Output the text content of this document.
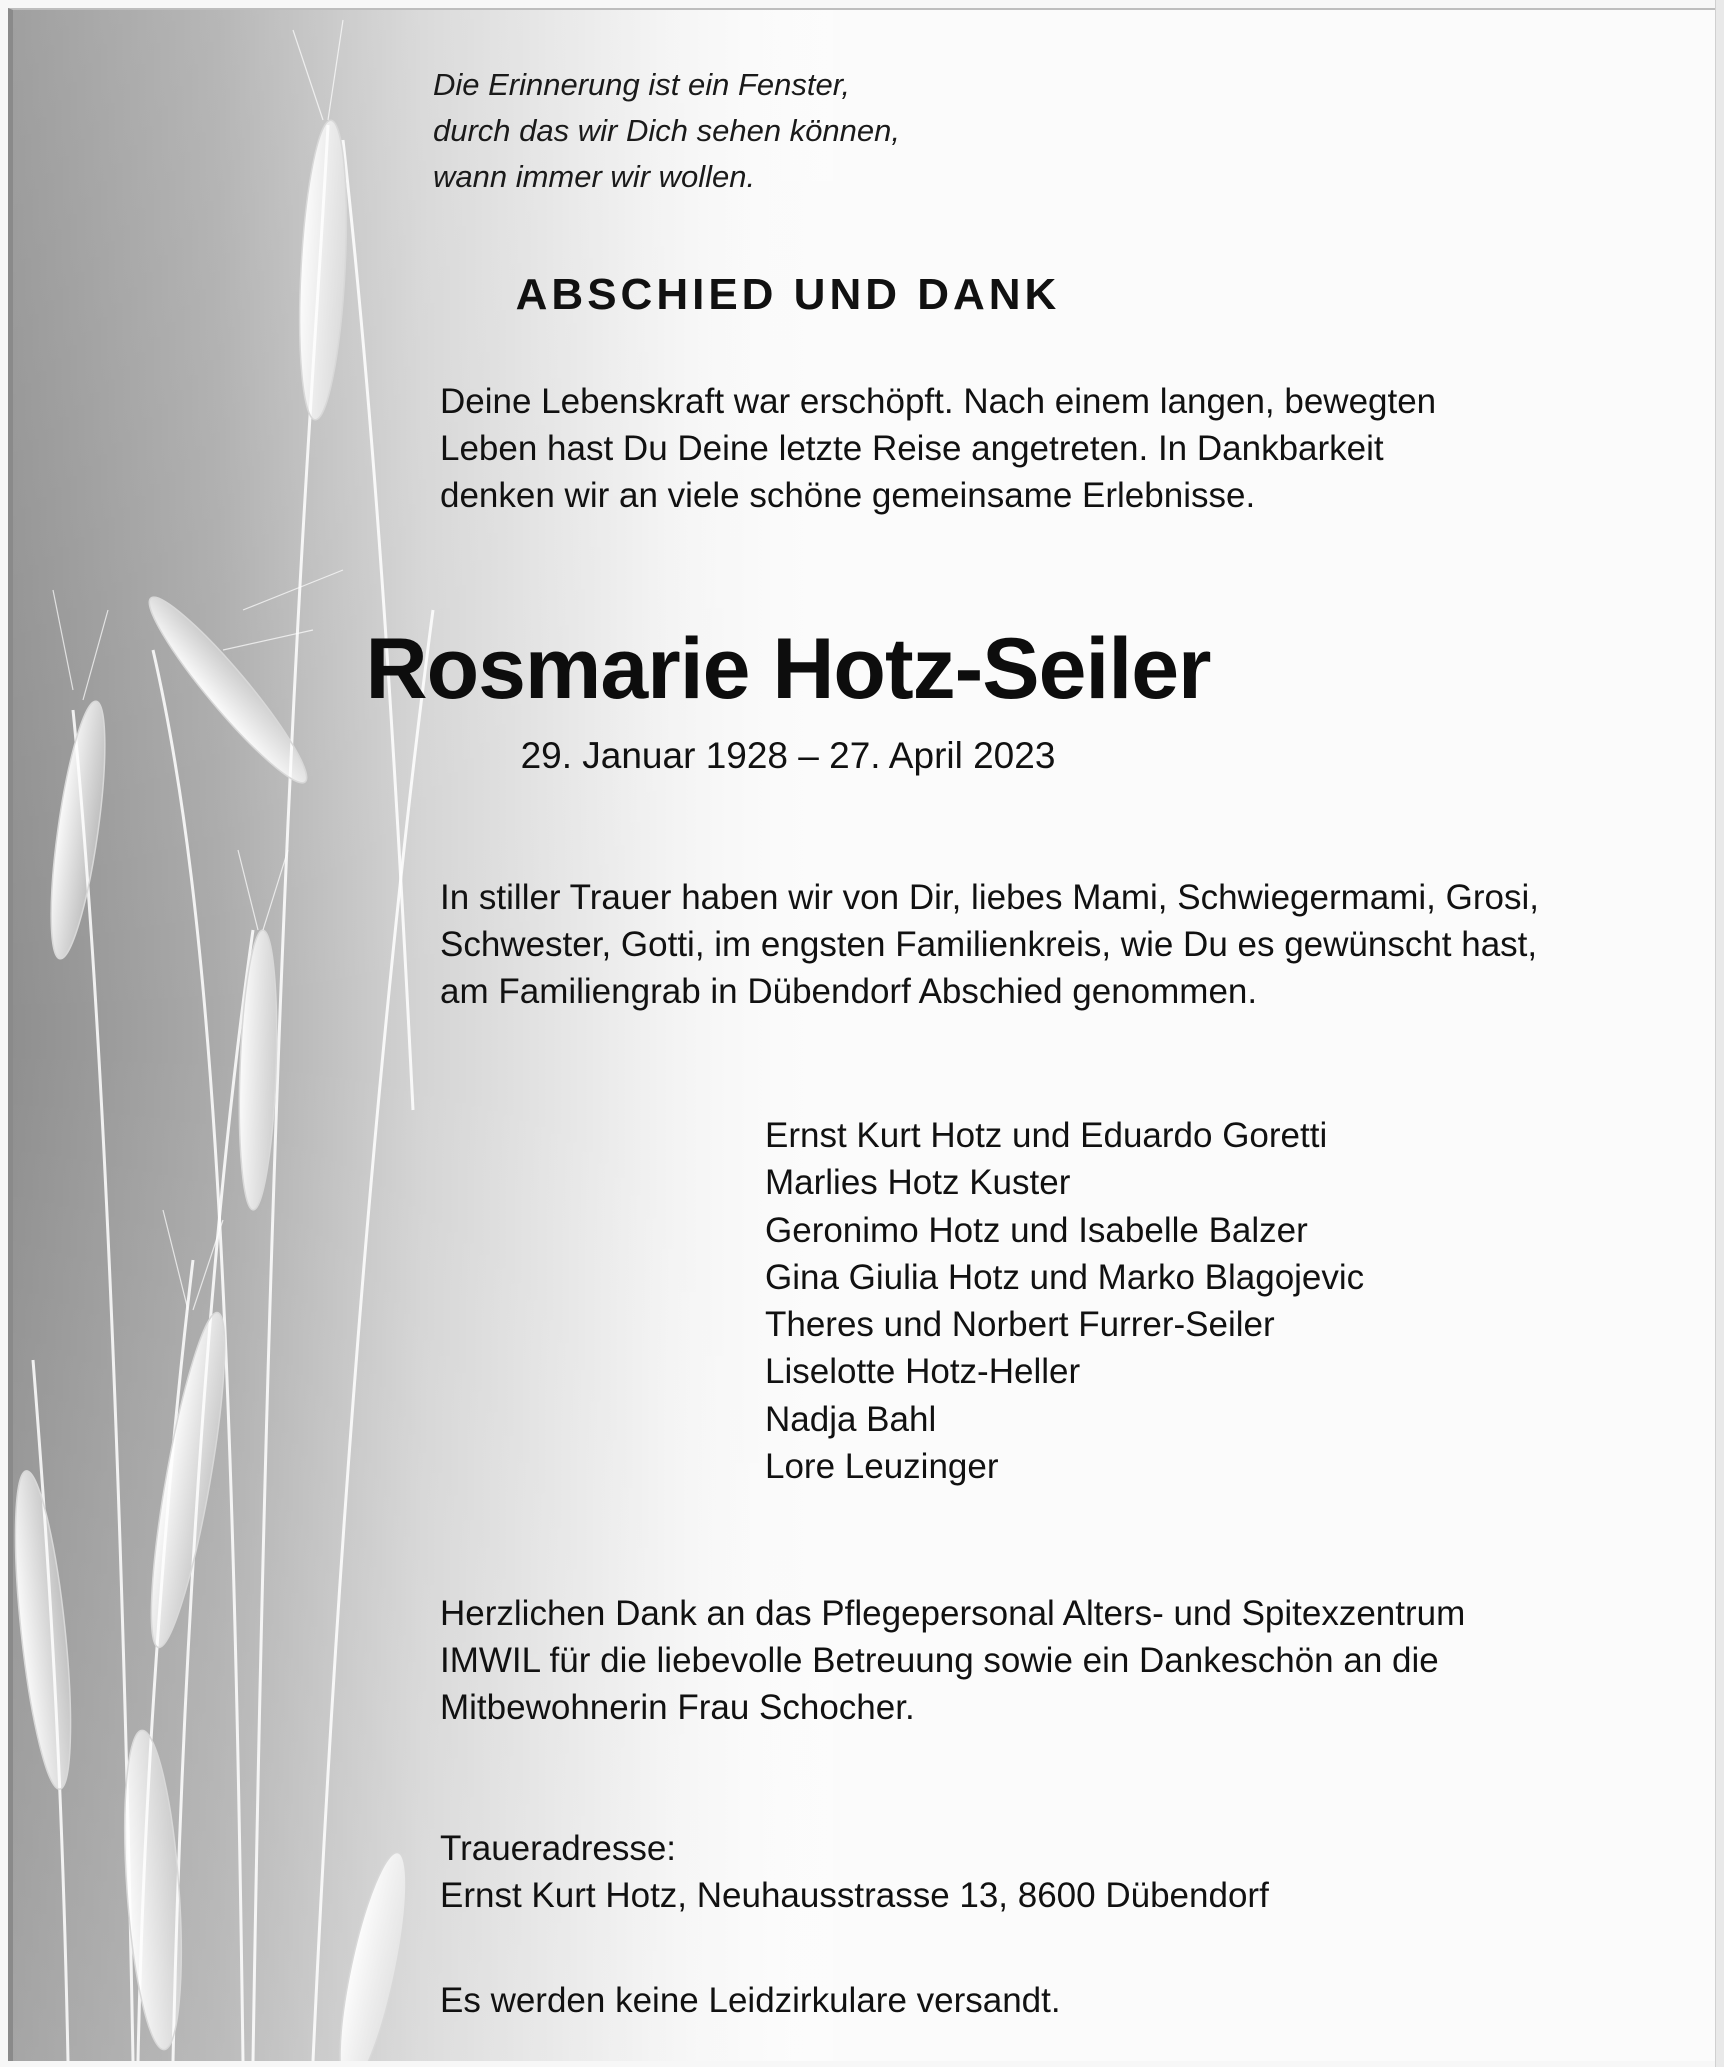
Die Erinnerung ist ein Fenster,
durch das wir Dich sehen können,
wann immer wir wollen.
ABSCHIED UND DANK
Deine Lebenskraft war erschöpft. Nach einem langen, bewegten
Leben hast Du Deine letzte Reise angetreten. In Dankbarkeit
denken wir an viele schöne gemeinsame Erlebnisse.
Rosmarie Hotz-Seiler
29. Januar 1928 – 27. April 2023
In stiller Trauer haben wir von Dir, liebes Mami, Schwiegermami, Grosi,
Schwester, Gotti, im engsten Familienkreis, wie Du es gewünscht hast,
am Familiengrab in Dübendorf Abschied genommen.
Ernst Kurt Hotz und Eduardo Goretti
Marlies Hotz Kuster
Geronimo Hotz und Isabelle Balzer
Gina Giulia Hotz und Marko Blagojevic
Theres und Norbert Furrer-Seiler
Liselotte Hotz-Heller
Nadja Bahl
Lore Leuzinger
Herzlichen Dank an das Pflegepersonal Alters- und Spitexzentrum
IMWIL für die liebevolle Betreuung sowie ein Dankeschön an die
Mitbewohnerin Frau Schocher.
Traueradresse:
Ernst Kurt Hotz, Neuhausstrasse 13, 8600 Dübendorf
Es werden keine Leidzirkulare versandt.
